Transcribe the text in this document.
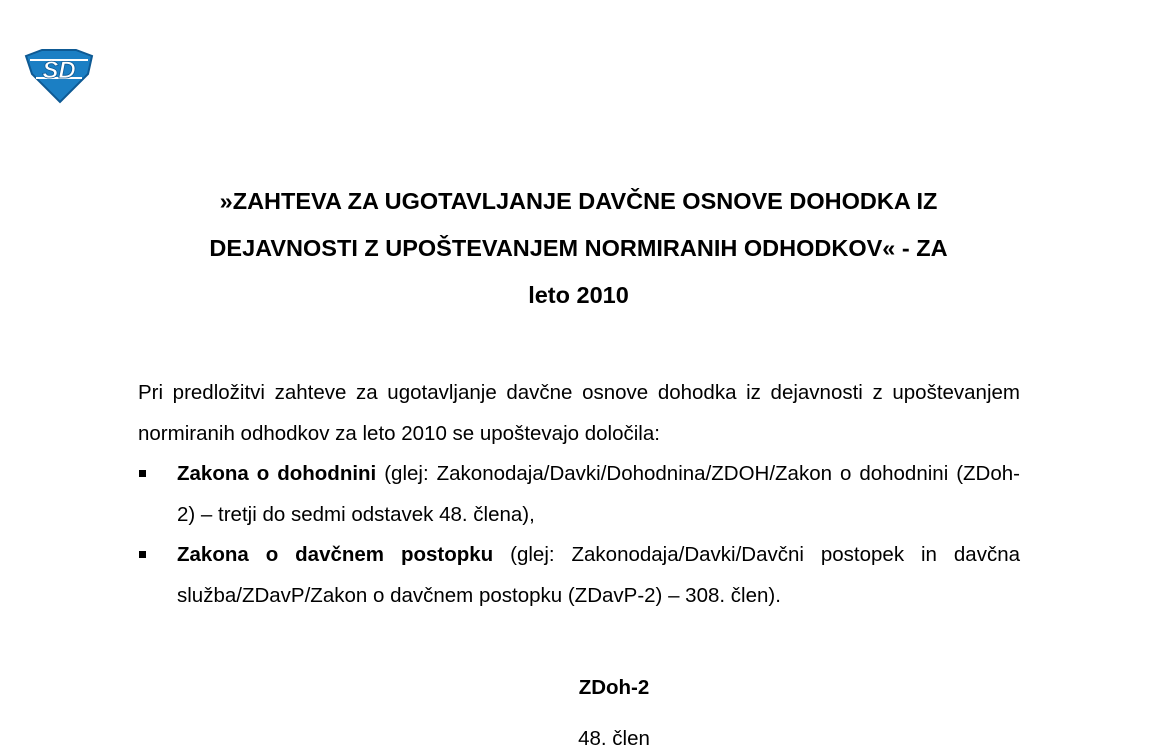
SD
»ZAHTEVA ZA UGOTAVLJANJE DAVČNE OSNOVE DOHODKA IZ
DEJAVNOSTI Z UPOŠTEVANJEM NORMIRANIH ODHODKOV« - ZA
leto 2010

Pri predložitvi zahteve za ugotavljanje davčne osnove dohodka iz dejavnosti z upoštevanjem normiranih odhodkov za leto 2010 se upoštevajo določila:

Zakona o dohodnini (glej: Zakonodaja/Davki/Dohodnina/ZDOH/Zakon o dohodnini (ZDoh-2) – tretji do sedmi odstavek 48. člena),
Zakona o davčnem postopku (glej: Zakonodaja/Davki/Davčni postopek in davčna služba/ZDavP/Zakon o davčnem postopku (ZDavP-2) – 308. člen).

ZDoh-2

48. člen
